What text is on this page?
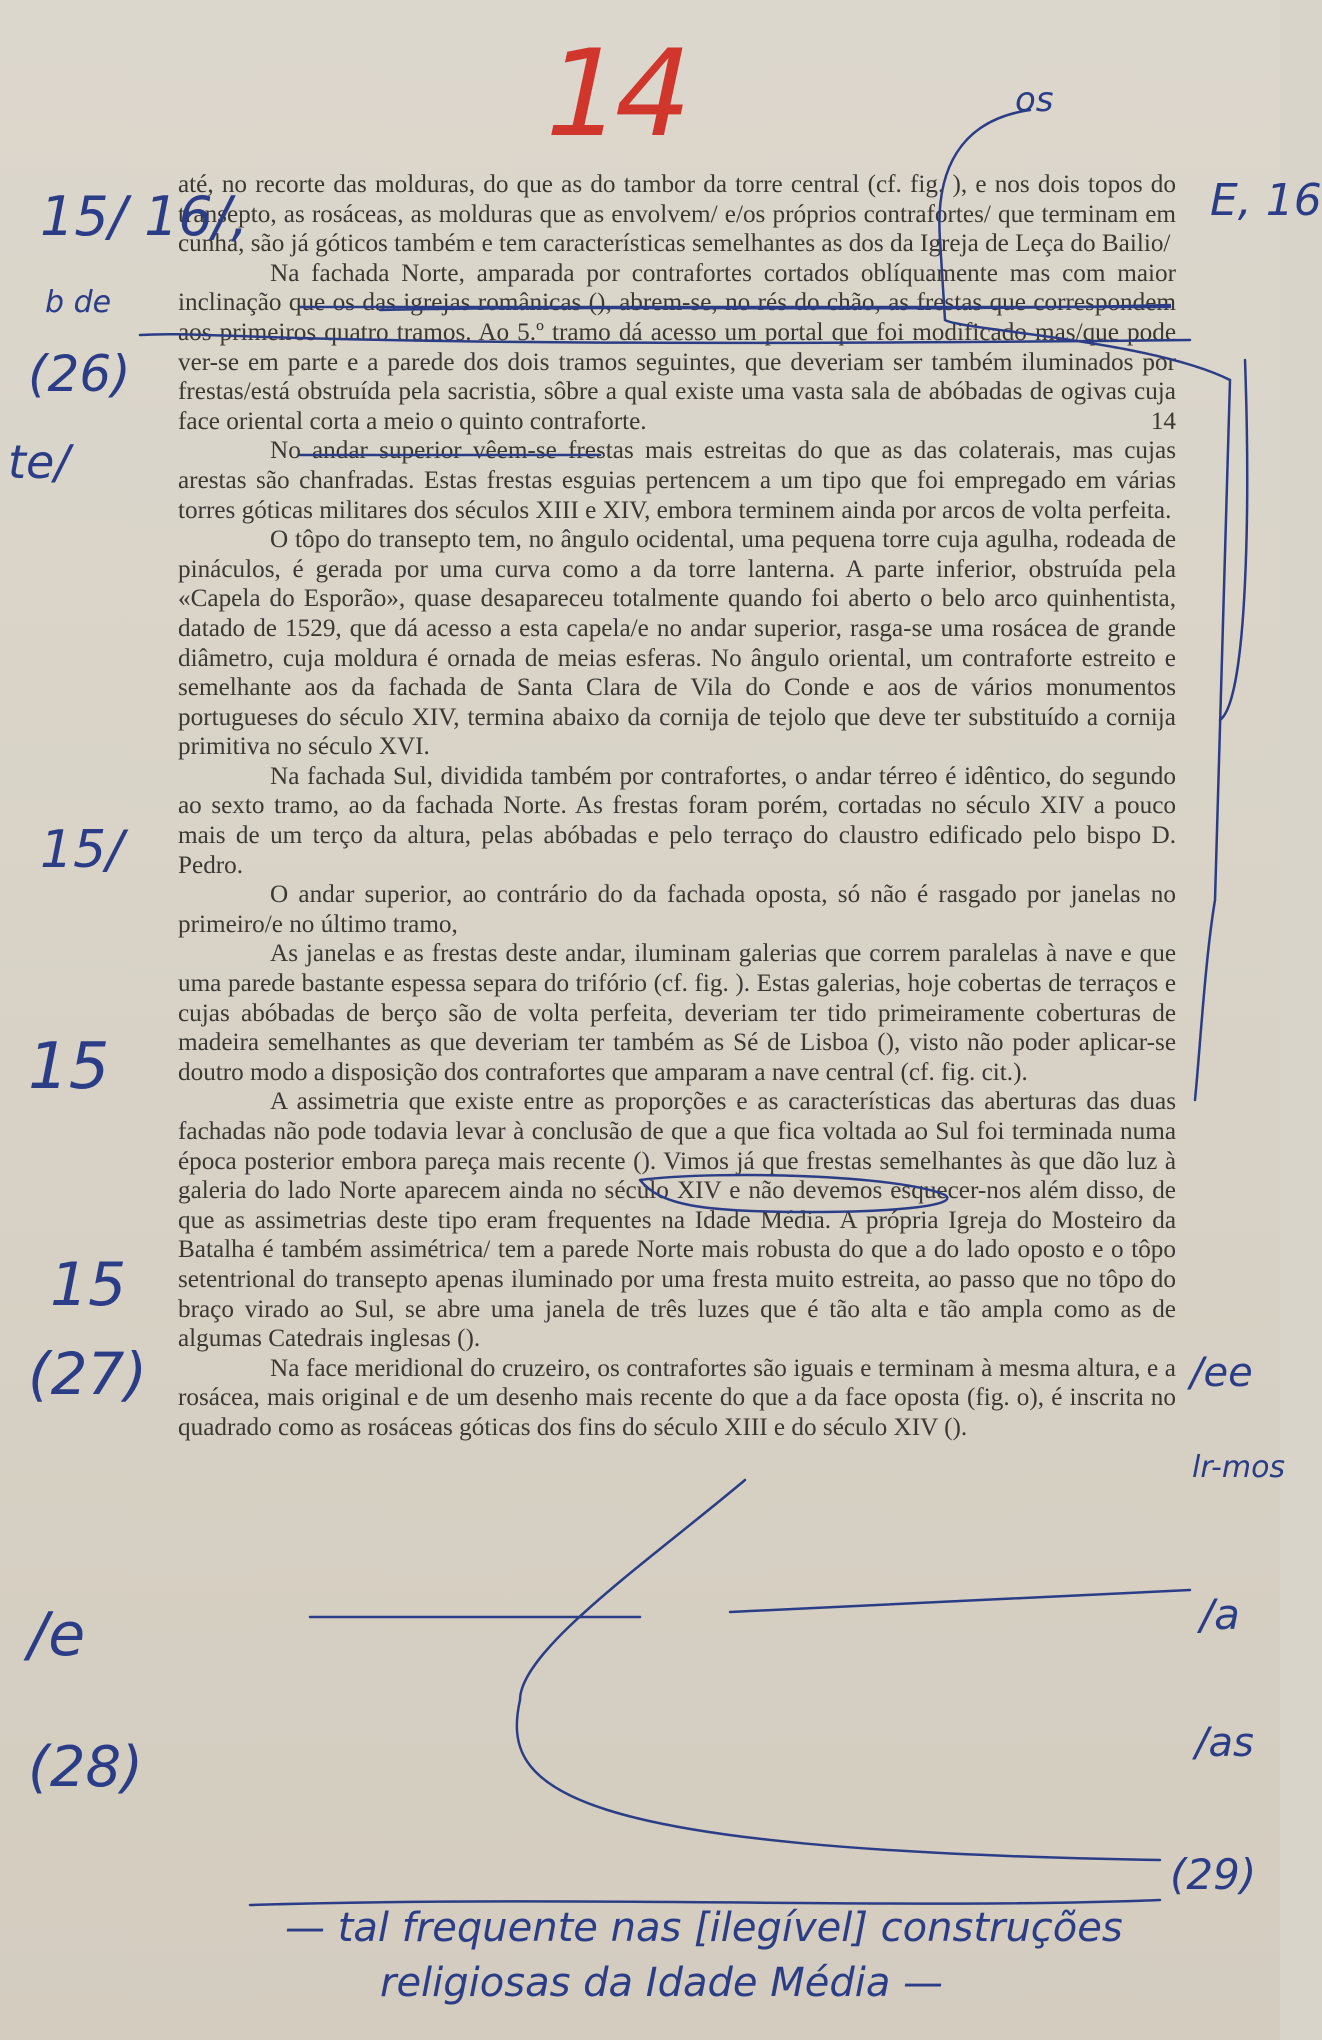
14

até, no recorte das molduras, do que as do tambor da torre central (cf. fig. ), e nos dois topos do transepto, as rosáceas, as molduras que as envolvem/ e/os próprios contrafortes/ que terminam em cunha, são já góticos também e tem características semelhantes as dos da Igreja de Leça do Bailio/

Na fachada Norte, amparada por contrafortes cortados oblíquamente mas com maior inclinação que os das igrejas românicas (), abrem-se, no rés do chão, as frestas que correspondem aos primeiros quatro tramos. Ao 5.º tramo dá acesso um portal que foi modificado mas/que pode ver-se em parte e a parede dos dois tramos seguintes, que deveriam ser também iluminados por frestas/está obstruída pela sacristia, sôbre a qual existe uma vasta sala de abóbadas de ogivas cuja face oriental corta a meio o quinto contraforte.	14

No andar superior vêem-se frestas mais estreitas do que as das colaterais, mas cujas arestas são chanfradas. Estas frestas esguias pertencem a um tipo que foi empregado em várias torres góticas militares dos séculos XIII e XIV, embora terminem ainda por arcos de volta perfeita.

O tôpo do transepto tem, no ângulo ocidental, uma pequena torre cuja agulha, rodeada de pináculos, é gerada por uma curva como a da torre lanterna. A parte inferior, obstruída pela «Capela do Esporão», quase desapareceu totalmente quando foi aberto o belo arco quinhentista, datado de 1529, que dá acesso a esta capela/e no andar superior, rasga-se uma rosácea de grande diâmetro, cuja moldura é ornada de meias esferas. No ângulo oriental, um contraforte estreito e semelhante aos da fachada de Santa Clara de Vila do Conde e aos de vários monumentos portugueses do século XIV, termina abaixo da cornija de tejolo que deve ter substituído a cornija primitiva no século XVI.

Na fachada Sul, dividida também por contrafortes, o andar térreo é idêntico, do segundo ao sexto tramo, ao da fachada Norte. As frestas foram porém, cortadas no século XIV a pouco mais de um terço da altura, pelas abóbadas e pelo terraço do claustro edificado pelo bispo D. Pedro.

O andar superior, ao contrário do da fachada oposta, só não é rasgado por janelas no primeiro/e no último tramo,

As janelas e as frestas deste andar, iluminam galerias que correm paralelas à nave e que uma parede bastante espessa separa do trifório (cf. fig. ). Estas galerias, hoje cobertas de terraços e cujas abóbadas de berço são de volta perfeita, deveriam ter tido primeiramente coberturas de madeira semelhantes as que deveriam ter também as Sé de Lisboa (), visto não poder aplicar-se doutro modo a disposição dos contrafortes que amparam a nave central (cf. fig. cit.).

A assimetria que existe entre as proporções e as características das aberturas das duas fachadas não pode todavia levar à conclusão de que a que fica voltada ao Sul foi terminada numa época posterior embora pareça mais recente (). Vimos já que frestas semelhantes às que dão luz à galeria do lado Norte aparecem ainda no século XIV e não devemos esquecer-nos além disso, de que as assimetrias deste tipo eram frequentes na Idade Média. A própria Igreja do Mosteiro da Batalha é também assimétrica/ tem a parede Norte mais robusta do que a do lado oposto e o tôpo setentrional do transepto apenas iluminado por uma fresta muito estreita, ao passo que no tôpo do braço virado ao Sul, se abre uma janela de três luzes que é tão alta e tão ampla como as de algumas Catedrais inglesas ().

Na face meridional do cruzeiro, os contrafortes são iguais e terminam à mesma altura, e a rosácea, mais original e de um desenho mais recente do que a da face oposta (fig. o), é inscrita no quadrado como as rosáceas góticas dos fins do século XIII e do século XIV ().

os
E, 16
15/ 16/,
b de
(26)
te/
15/
15
15
(27)
/e
(28)
/ee
lr-mos
/a
/as
(29)
— tal frequente nas [ilegível] construções
religiosas da Idade Média —
